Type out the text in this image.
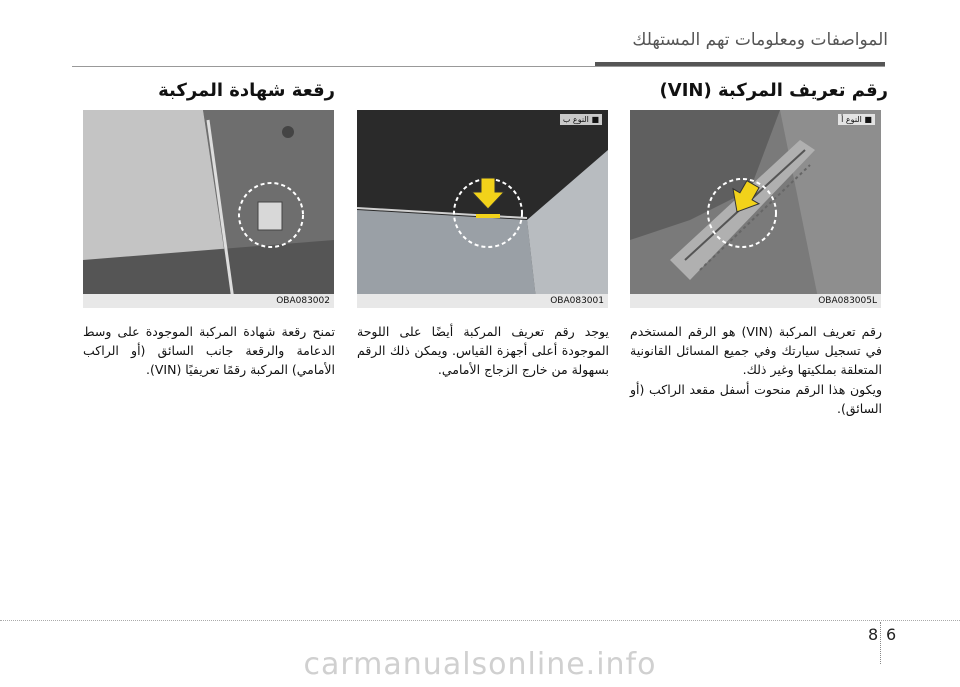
المواصفات ومعلومات تهم المستهلك
رقم تعريف المركبة (VIN)
رقعة شهادة المركبة
■ النوع أ
OBA083005L
■ النوع ب
OBA083001
OBA083002
رقم تعريف المركبة (VIN) هو الرقم المستخدم في تسجيل سيارتك وفي جميع المسائل القانونية المتعلقة بملكيتها وغير ذلك.
ويكون هذا الرقم منحوت أسفل مقعد الراكب (أو السائق).
يوجد رقم تعريف المركبة أيضًا على اللوحة الموجودة أعلى أجهزة القياس. ويمكن ذلك الرقم بسهولة من خارج الزجاج الأمامي.
تمنح رقعة شهادة المركبة الموجودة على وسط الدعامة والرقعة جانب السائق (أو الراكب الأمامي) المركبة رقمًا تعريفيًا (VIN).
8 6
carmanualsonline.info
